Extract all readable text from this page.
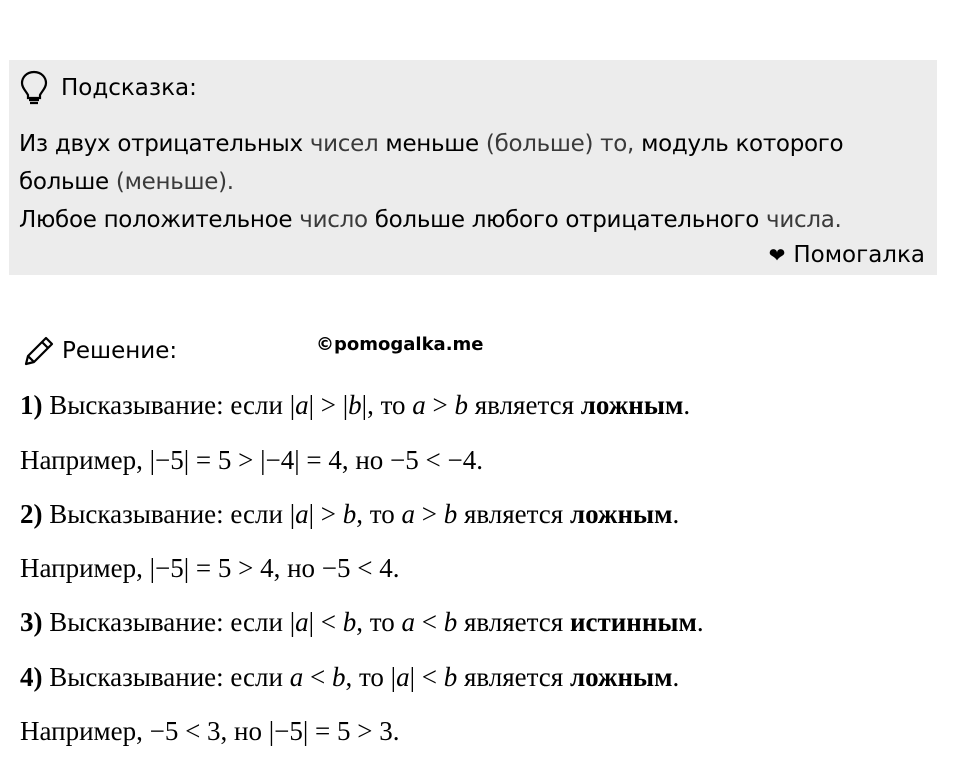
Подсказка:
Из двух отрицательных чисел меньше (больше) то, модуль которого
больше (меньше).
Любое положительное число больше любого отрицательного числа.
❤ Помогалка
Решение:	©pomogalka.me
1) Высказывание: если |a| > |b|, то a > b является ложным.
Например, |−5| = 5 > |−4| = 4, но −5 < −4.
2) Высказывание: если |a| > b, то a > b является ложным.
Например, |−5| = 5 > 4, но −5 < 4.
3) Высказывание: если |a| < b, то a < b является истинным.
4) Высказывание: если a < b, то |a| < b является ложным.
Например, −5 < 3, но |−5| = 5 > 3.
